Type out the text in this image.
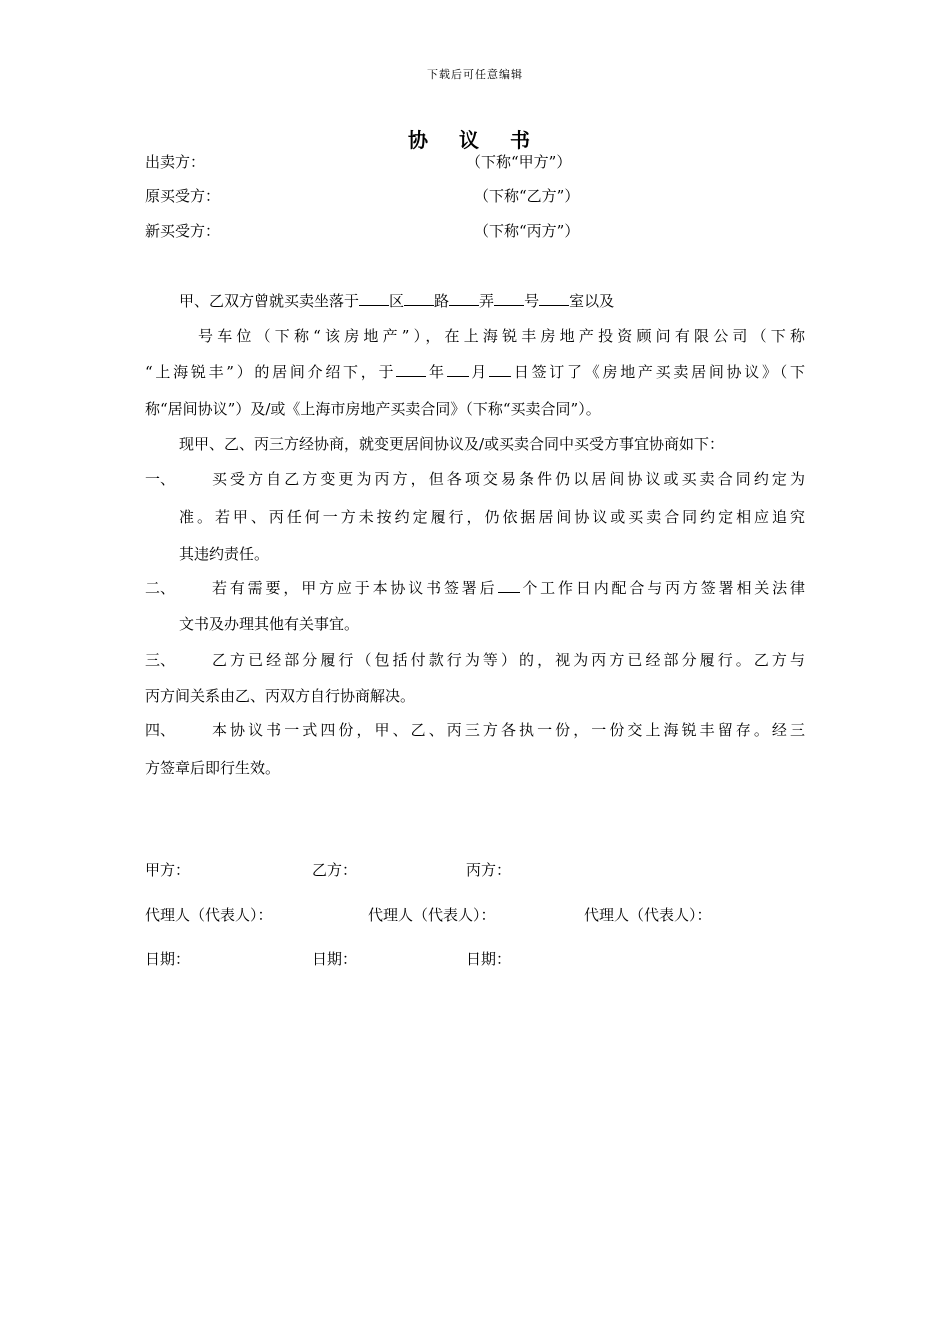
下载后可任意编辑
协 议 书
出卖方：	（下称“甲方”）
原买受方：	（下称“乙方”）
新买受方：	（下称“丙方”）
甲、乙双方曾就买卖坐落于 区 路 弄 号 室以及
号车位（下称“该房地产”），在上海锐丰房地产投资顾问有限公司（下称
“上海锐丰”）的居间介绍下，于 年 月 日签订了《房地产买卖居间协议》（下
称“居间协议”）及/或《上海市房地产买卖合同》（下称“买卖合同”）。
现甲、乙、丙三方经协商，就变更居间协议及/或买卖合同中买受方事宜协商如下：
一、 买受方自乙方变更为丙方，但各项交易条件仍以居间协议或买卖合同约定为
准。若甲、丙任何一方未按约定履行，仍依据居间协议或买卖合同约定相应追究
其违约责任。
二、 若有需要，甲方应于本协议书签署后 个工作日内配合与丙方签署相关法律
文书及办理其他有关事宜。
三、 乙方已经部分履行（包括付款行为等）的，视为丙方已经部分履行。乙方与
丙方间关系由乙、丙双方自行协商解决。
四、 本协议书一式四份，甲、乙、丙三方各执一份，一份交上海锐丰留存。经三
方签章后即行生效。
甲方：	乙方：	丙方：
代理人（代表人）：	代理人（代表人）：	代理人（代表人）：
日期：	日期：	日期：
